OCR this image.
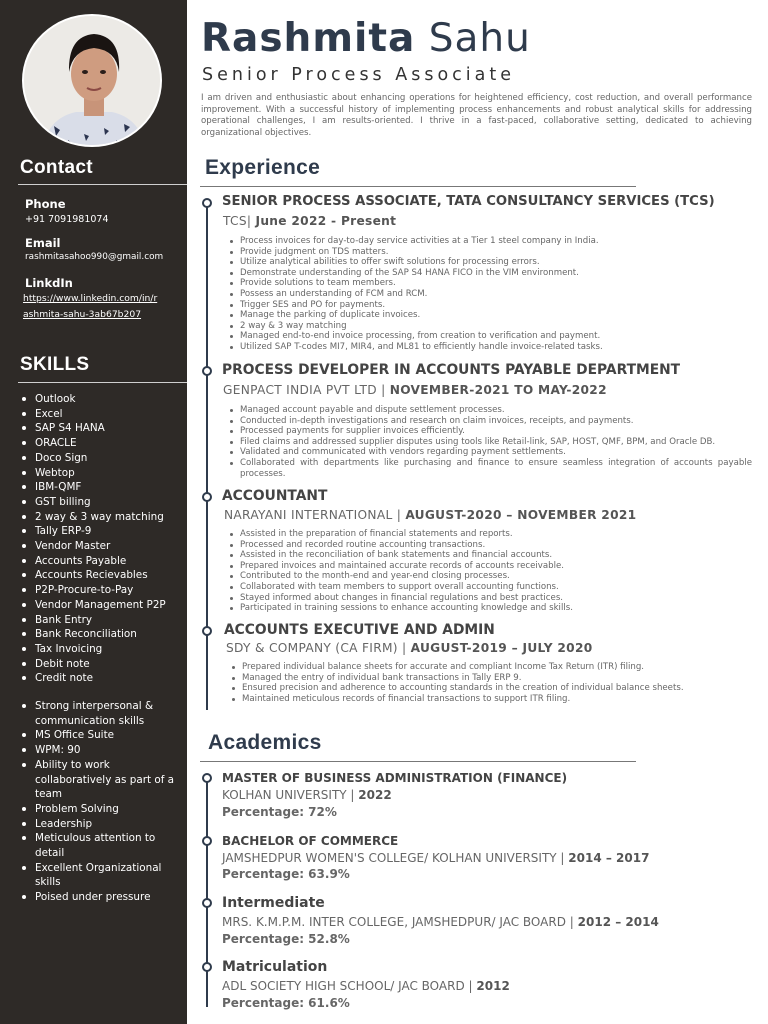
Contact
Phone
+91 7091981074
Email
rashmitasahoo990@gmail.com
LinkdIn
https://www.linkedin.com/in/r
ashmita-sahu-3ab67b207
SKILLS
Outlook
Excel
SAP S4 HANA
ORACLE
Doco Sign
Webtop
IBM-QMF
GST billing
2 way & 3 way matching
Tally ERP-9
Vendor Master
Accounts Payable
Accounts Recievables
P2P-Procure-to-Pay
Vendor Management P2P
Bank Entry
Bank Reconciliation
Tax Invoicing
Debit note
Credit note
Strong interpersonal & communication skills
MS Office Suite
WPM: 90
Ability to work collaboratively as part of a team
Problem Solving
Leadership
Meticulous attention to detail
Excellent Organizational skills
Poised under pressure
Rashmita Sahu
Senior Process Associate
I am driven and enthusiastic about enhancing operations for heightened efficiency, cost reduction, and overall performance improvement. With a successful history of implementing process enhancements and robust analytical skills for addressing operational challenges, I am results-oriented. I thrive in a fast-paced, collaborative setting, dedicated to achieving organizational objectives.
Experience
SENIOR PROCESS ASSOCIATE, TATA CONSULTANCY SERVICES (TCS)
TCS| June 2022 - Present
Process invoices for day-to-day service activities at a Tier 1 steel company in India.
Provide judgment on TDS matters.
Utilize analytical abilities to offer swift solutions for processing errors.
Demonstrate understanding of the SAP S4 HANA FICO in the VIM environment.
Provide solutions to team members.
Possess an understanding of FCM and RCM.
Trigger SES and PO for payments.
Manage the parking of duplicate invoices.
2 way & 3 way matching
Managed end-to-end invoice processing, from creation to verification and payment.
Utilized SAP T-codes MI7, MIR4, and ML81 to efficiently handle invoice-related tasks.
PROCESS DEVELOPER IN ACCOUNTS PAYABLE DEPARTMENT
GENPACT INDIA PVT LTD | NOVEMBER-2021 TO MAY-2022
Managed account payable and dispute settlement processes.
Conducted in-depth investigations and research on claim invoices, receipts, and payments.
Processed payments for supplier invoices efficiently.
Filed claims and addressed supplier disputes using tools like Retail-link, SAP, HOST, QMF, BPM, and Oracle DB.
Validated and communicated with vendors regarding payment settlements.
Collaborated with departments like purchasing and finance to ensure seamless integration of accounts payable processes.
ACCOUNTANT
NARAYANI INTERNATIONAL | AUGUST-2020 – NOVEMBER 2021
Assisted in the preparation of financial statements and reports.
Processed and recorded routine accounting transactions.
Assisted in the reconciliation of bank statements and financial accounts.
Prepared invoices and maintained accurate records of accounts receivable.
Contributed to the month-end and year-end closing processes.
Collaborated with team members to support overall accounting functions.
Stayed informed about changes in financial regulations and best practices.
Participated in training sessions to enhance accounting knowledge and skills.
ACCOUNTS EXECUTIVE AND ADMIN
SDY & COMPANY (CA FIRM) | AUGUST-2019 – JULY 2020
Prepared individual balance sheets for accurate and compliant Income Tax Return (ITR) filing.
Managed the entry of individual bank transactions in Tally ERP 9.
Ensured precision and adherence to accounting standards in the creation of individual balance sheets.
Maintained meticulous records of financial transactions to support ITR filing.
Academics
MASTER OF BUSINESS ADMINISTRATION (FINANCE)
KOLHAN UNIVERSITY | 2022
Percentage: 72%
BACHELOR OF COMMERCE
JAMSHEDPUR WOMEN'S COLLEGE/ KOLHAN UNIVERSITY | 2014 – 2017
Percentage: 63.9%
Intermediate
MRS. K.M.P.M. INTER COLLEGE, JAMSHEDPUR/ JAC BOARD | 2012 – 2014
Percentage: 52.8%
Matriculation
ADL SOCIETY HIGH SCHOOL/ JAC BOARD | 2012
Percentage: 61.6%
